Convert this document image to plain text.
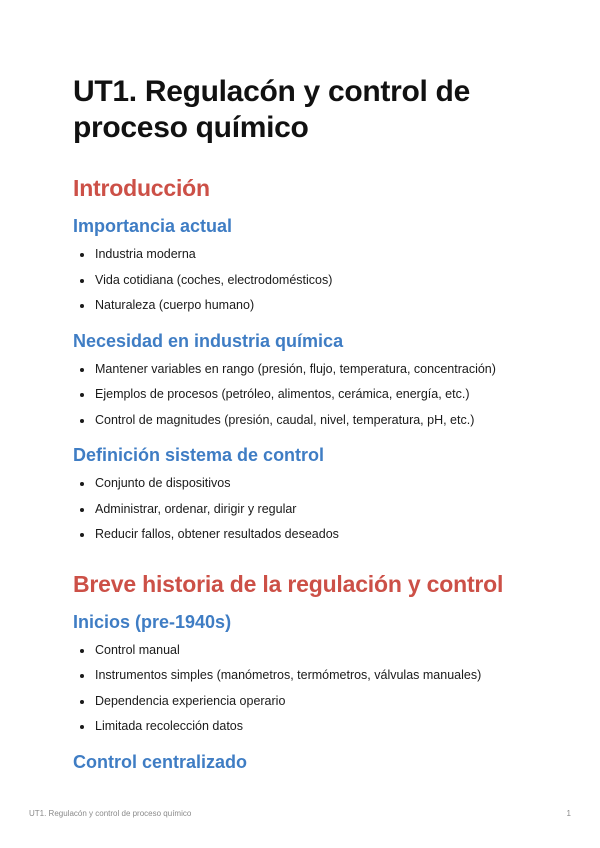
UT1. Regulacón y control de proceso químico
Introducción
Importancia actual
Industria moderna
Vida cotidiana (coches, electrodomésticos)
Naturaleza (cuerpo humano)
Necesidad en industria química
Mantener variables en rango (presión, flujo, temperatura, concentración)
Ejemplos de procesos (petróleo, alimentos, cerámica, energía, etc.)
Control de magnitudes (presión, caudal, nivel, temperatura, pH, etc.)
Definición sistema de control
Conjunto de dispositivos
Administrar, ordenar, dirigir y regular
Reducir fallos, obtener resultados deseados
Breve historia de la regulación y control
Inicios (pre-1940s)
Control manual
Instrumentos simples (manómetros, termómetros, válvulas manuales)
Dependencia experiencia operario
Limitada recolección datos
Control centralizado
UT1. Regulacón y control de proceso químico	1
